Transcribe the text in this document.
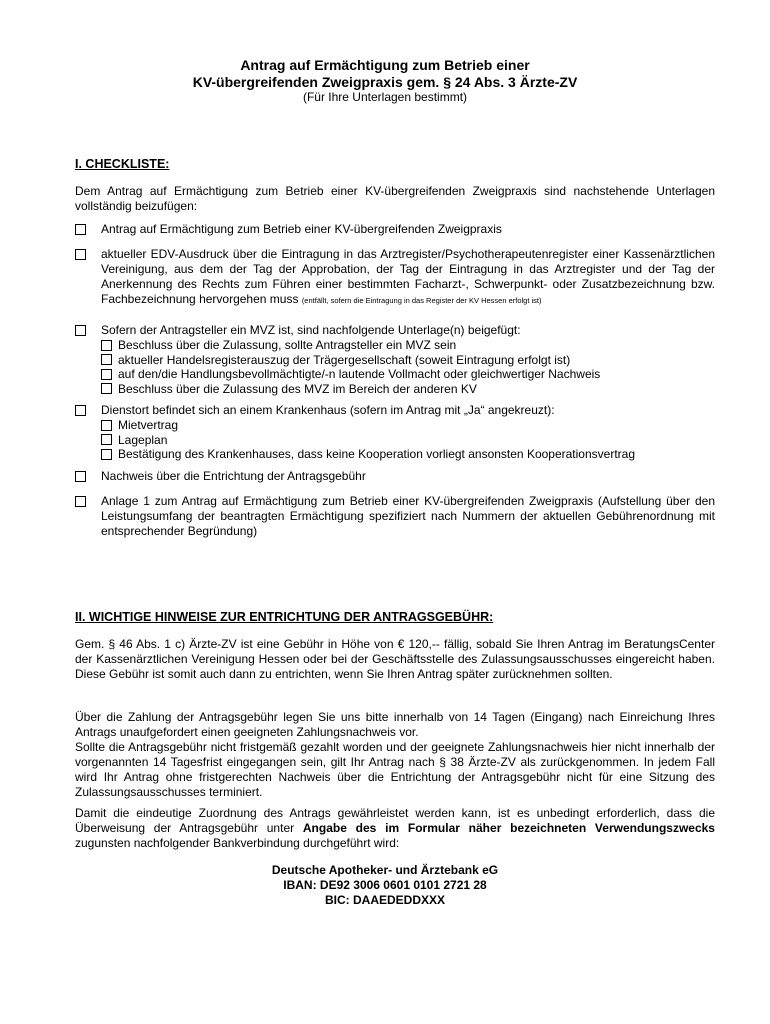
Antrag auf Ermächtigung zum Betrieb einer
KV-übergreifenden Zweigpraxis gem. § 24 Abs. 3 Ärzte-ZV
(Für Ihre Unterlagen bestimmt)
I. CHECKLISTE:
Dem Antrag auf Ermächtigung zum Betrieb einer KV-übergreifenden Zweigpraxis sind nachstehende Unterlagen vollständig beizufügen:
Antrag auf Ermächtigung zum Betrieb einer KV-übergreifenden Zweigpraxis
aktueller EDV-Ausdruck über die Eintragung in das Arztregister/Psychotherapeutenregister einer Kassenärztlichen Vereinigung, aus dem der Tag der Approbation, der Tag der Eintragung in das Arztregister und der Tag der Anerkennung des Rechts zum Führen einer bestimmten Facharzt-, Schwerpunkt- oder Zusatzbezeichnung bzw. Fachbezeichnung hervorgehen muss (entfällt, sofern die Eintragung in das Register der KV Hessen erfolgt ist)
Sofern der Antragsteller ein MVZ ist, sind nachfolgende Unterlage(n) beigefügt:
Beschluss über die Zulassung, sollte Antragsteller ein MVZ sein
aktueller Handelsregisterauszug der Trägergesellschaft (soweit Eintragung erfolgt ist)
auf den/die Handlungsbevollmächtigte/-n lautende Vollmacht oder gleichwertiger Nachweis
Beschluss über die Zulassung des MVZ im Bereich der anderen KV
Dienstort befindet sich an einem Krankenhaus (sofern im Antrag mit „Ja“ angekreuzt):
Mietvertrag
Lageplan
Bestätigung des Krankenhauses, dass keine Kooperation vorliegt ansonsten Kooperationsvertrag
Nachweis über die Entrichtung der Antragsgebühr
Anlage 1 zum Antrag auf Ermächtigung zum Betrieb einer KV-übergreifenden Zweigpraxis (Aufstellung über den Leistungsumfang der beantragten Ermächtigung spezifiziert nach Nummern der aktuellen Gebührenordnung mit entsprechender Begründung)
II. WICHTIGE HINWEISE ZUR ENTRICHTUNG DER ANTRAGSGEBÜHR:
Gem. § 46 Abs. 1 c) Ärzte-ZV ist eine Gebühr in Höhe von € 120,-- fällig, sobald Sie Ihren Antrag im BeratungsCenter der Kassenärztlichen Vereinigung Hessen oder bei der Geschäftsstelle des Zulassungsausschusses eingereicht haben. Diese Gebühr ist somit auch dann zu entrichten, wenn Sie Ihren Antrag später zurücknehmen sollten.
Über die Zahlung der Antragsgebühr legen Sie uns bitte innerhalb von 14 Tagen (Eingang) nach Einreichung Ihres Antrags unaufgefordert einen geeigneten Zahlungsnachweis vor.
Sollte die Antragsgebühr nicht fristgemäß gezahlt worden und der geeignete Zahlungsnachweis hier nicht innerhalb der vorgenannten 14 Tagesfrist eingegangen sein, gilt Ihr Antrag nach § 38 Ärzte-ZV als zurückgenommen. In jedem Fall wird Ihr Antrag ohne fristgerechten Nachweis über die Entrichtung der Antragsgebühr nicht für eine Sitzung des Zulassungsausschusses terminiert.
Damit die eindeutige Zuordnung des Antrags gewährleistet werden kann, ist es unbedingt erforderlich, dass die Überweisung der Antragsgebühr unter Angabe des im Formular näher bezeichneten Verwendungszwecks zugunsten nachfolgender Bankverbindung durchgeführt wird:
Deutsche Apotheker- und Ärztebank eG
IBAN: DE92 3006 0601 0101 2721 28
BIC: DAAEDEDDXXX
